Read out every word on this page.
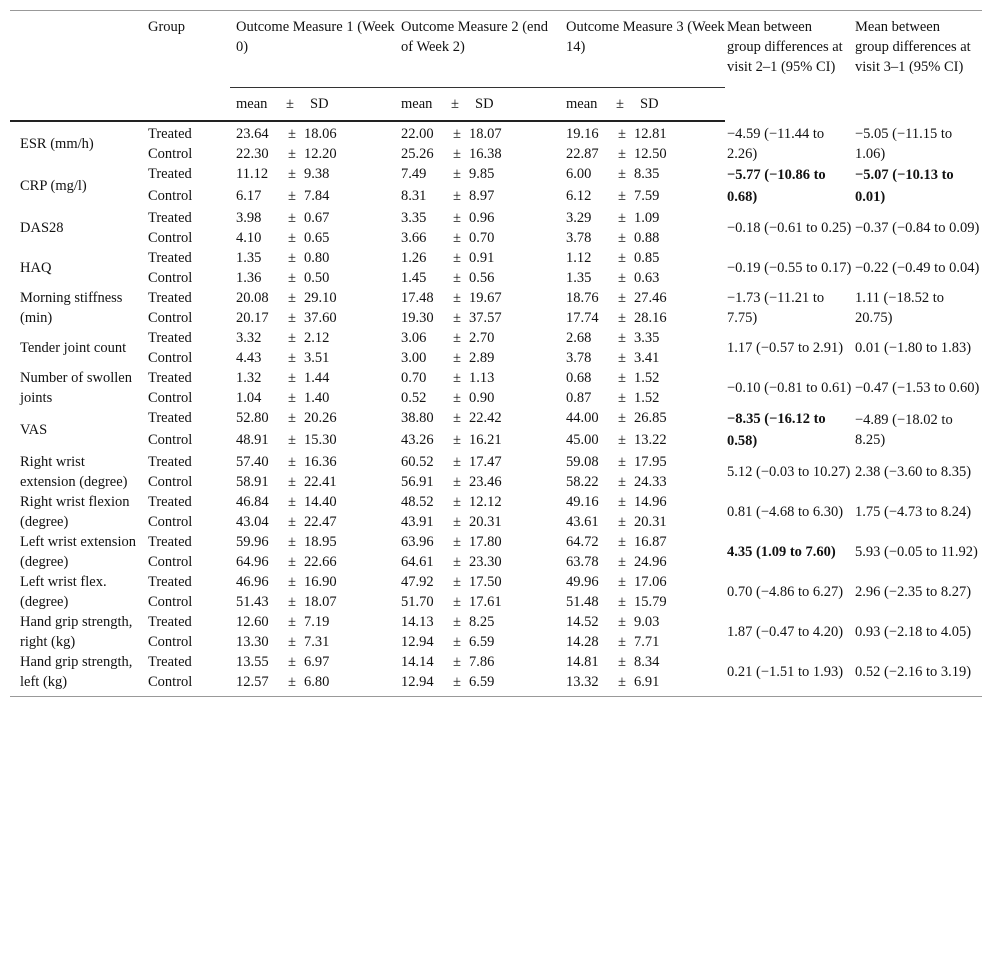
	Group	Outcome Measure 1 (Week 0)	Outcome Measure 2 (end of Week 2)	Outcome Measure 3 (Week 14)	Mean between group differences at visit 2–1 (95% CI)	Mean between group differences at visit 3–1 (95% CI)

		mean ± SD	mean ± SD	mean ± SD		
ESR (mm/h)	Treated	23.64 ± 18.06	22.00 ± 18.07	19.16 ± 12.81	−4.59 (−11.44 to 2.26)	−5.05 (−11.15 to 1.06)
	Control	22.30 ± 12.20	25.26 ± 16.38	22.87 ± 12.50		
CRP (mg/l)	Treated	11.12 ± 9.38	7.49 ± 9.85	6.00 ± 8.35	−5.77 (−10.86 to 0.68)	−5.07 (−10.13 to 0.01)
	Control	6.17 ± 7.84	8.31 ± 8.97	6.12 ± 7.59		
DAS28	Treated	3.98 ± 0.67	3.35 ± 0.96	3.29 ± 1.09	−0.18 (−0.61 to 0.25)	−0.37 (−0.84 to 0.09)
	Control	4.10 ± 0.65	3.66 ± 0.70	3.78 ± 0.88		
HAQ	Treated	1.35 ± 0.80	1.26 ± 0.91	1.12 ± 0.85	−0.19 (−0.55 to 0.17)	−0.22 (−0.49 to 0.04)
	Control	1.36 ± 0.50	1.45 ± 0.56	1.35 ± 0.63		
Morning stiffness (min)	Treated	20.08 ± 29.10	17.48 ± 19.67	18.76 ± 27.46	−1.73 (−11.21 to 7.75)	1.11 (−18.52 to 20.75)
	Control	20.17 ± 37.60	19.30 ± 37.57	17.74 ± 28.16		
Tender joint count	Treated	3.32 ± 2.12	3.06 ± 2.70	2.68 ± 3.35	1.17 (−0.57 to 2.91)	0.01 (−1.80 to 1.83)
	Control	4.43 ± 3.51	3.00 ± 2.89	3.78 ± 3.41		
Number of swollen joints	Treated	1.32 ± 1.44	0.70 ± 1.13	0.68 ± 1.52	−0.10 (−0.81 to 0.61)	−0.47 (−1.53 to 0.60)
	Control	1.04 ± 1.40	0.52 ± 0.90	0.87 ± 1.52		
VAS	Treated	52.80 ± 20.26	38.80 ± 22.42	44.00 ± 26.85	−8.35 (−16.12 to 0.58)	−4.89 (−18.02 to 8.25)
	Control	48.91 ± 15.30	43.26 ± 16.21	45.00 ± 13.22		
Right wrist extension (degree)	Treated	57.40 ± 16.36	60.52 ± 17.47	59.08 ± 17.95	5.12 (−0.03 to 10.27)	2.38 (−3.60 to 8.35)
	Control	58.91 ± 22.41	56.91 ± 23.46	58.22 ± 24.33		
Right wrist flexion (degree)	Treated	46.84 ± 14.40	48.52 ± 12.12	49.16 ± 14.96	0.81 (−4.68 to 6.30)	1.75 (−4.73 to 8.24)
	Control	43.04 ± 22.47	43.91 ± 20.31	43.61 ± 20.31		
Left wrist extension (degree)	Treated	59.96 ± 18.95	63.96 ± 17.80	64.72 ± 16.87	4.35 (1.09 to 7.60)	5.93 (−0.05 to 11.92)
	Control	64.96 ± 22.66	64.61 ± 23.30	63.78 ± 24.96		
Left wrist flex. (degree)	Treated	46.96 ± 16.90	47.92 ± 17.50	49.96 ± 17.06	0.70 (−4.86 to 6.27)	2.96 (−2.35 to 8.27)
	Control	51.43 ± 18.07	51.70 ± 17.61	51.48 ± 15.79		
Hand grip strength, right (kg)	Treated	12.60 ± 7.19	14.13 ± 8.25	14.52 ± 9.03	1.87 (−0.47 to 4.20)	0.93 (−2.18 to 4.05)
	Control	13.30 ± 7.31	12.94 ± 6.59	14.28 ± 7.71		
Hand grip strength, left (kg)	Treated	13.55 ± 6.97	14.14 ± 7.86	14.81 ± 8.34	0.21 (−1.51 to 1.93)	0.52 (−2.16 to 3.19)
	Control	12.57 ± 6.80	12.94 ± 6.59	13.32 ± 6.91		
